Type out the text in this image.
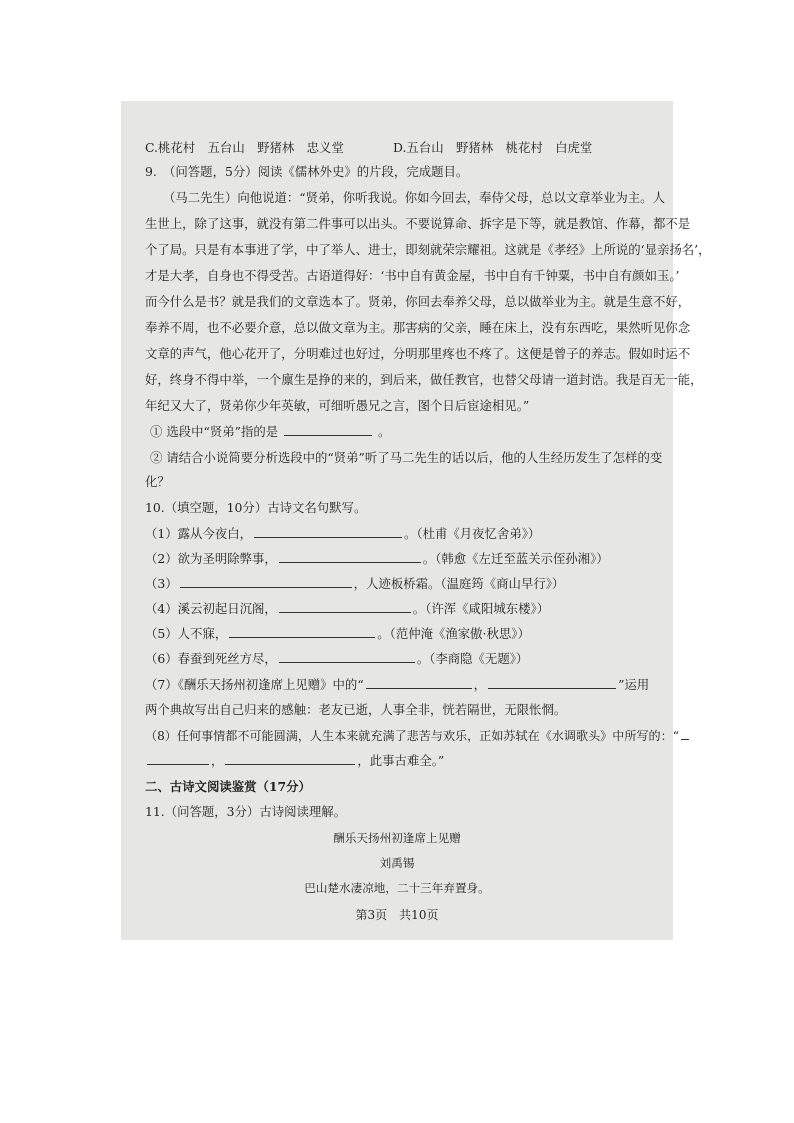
C.桃花村　五台山　野猪林　忠义堂	D.五台山　野猪林　桃花村　白虎堂
9.　（问答题，5分）阅读《儒林外史》的片段，完成题目。
（马二先生）向他说道：“贤弟，你听我说。你如今回去，奉侍父母，总以文章举业为主。人
生世上，除了这事，就没有第二件事可以出头。不要说算命、拆字是下等，就是教馆、作幕，都不是
个了局。只是有本事进了学，中了举人、进士，即刻就荣宗耀祖。这就是《孝经》上所说的‘显亲扬名’，
才是大孝，自身也不得受苦。古语道得好：‘书中自有黄金屋，书中自有千钟粟，书中自有颜如玉。’
而今什么是书？就是我们的文章选本了。贤弟，你回去奉养父母，总以做举业为主。就是生意不好，
奉养不周，也不必要介意，总以做文章为主。那害病的父亲，睡在床上，没有东西吃，果然听见你念
文章的声气，他心花开了，分明难过也好过，分明那里疼也不疼了。这便是曾子的养志。假如时运不
好，终身不得中举，一个廪生是挣的来的，到后来，做任教官，也替父母请一道封诰。我是百无一能，
年纪又大了，贤弟你少年英敏，可细听愚兄之言，图个日后宦途相见。”
① 选段中“贤弟”指的是	。
② 请结合小说简要分析选段中的“贤弟”听了马二先生的话以后，他的人生经历发生了怎样的变
化？
10.（填空题，10分）古诗文名句默写。
（1）露从今夜白，	。（杜甫《月夜忆舍弟》）
（2）欲为圣明除弊事，	。（韩愈《左迁至蓝关示侄孙湘》）
（3）	，人迹板桥霜。（温庭筠《商山早行》）
（4）溪云初起日沉阁，	。（许浑《咸阳城东楼》）
（5）人不寐，	。（范仲淹《渔家傲·秋思》）
（6）春蚕到死丝方尽，	。（李商隐《无题》）
（7）《酬乐天扬州初逢席上见赠》中的“	，	”运用
两个典故写出自己归来的感触：老友已逝，人事全非，恍若隔世，无限怅惘。
（8）任何事情都不可能圆满，人生本来就充满了悲苦与欢乐，正如苏轼在《水调歌头》中所写的：“
，	，此事古难全。”
二、古诗文阅读鉴赏（17分）
11.（问答题，3分）古诗阅读理解。
酬乐天扬州初逢席上见赠
刘禹锡
巴山楚水凄凉地，二十三年弃置身。
第3页　共10页
